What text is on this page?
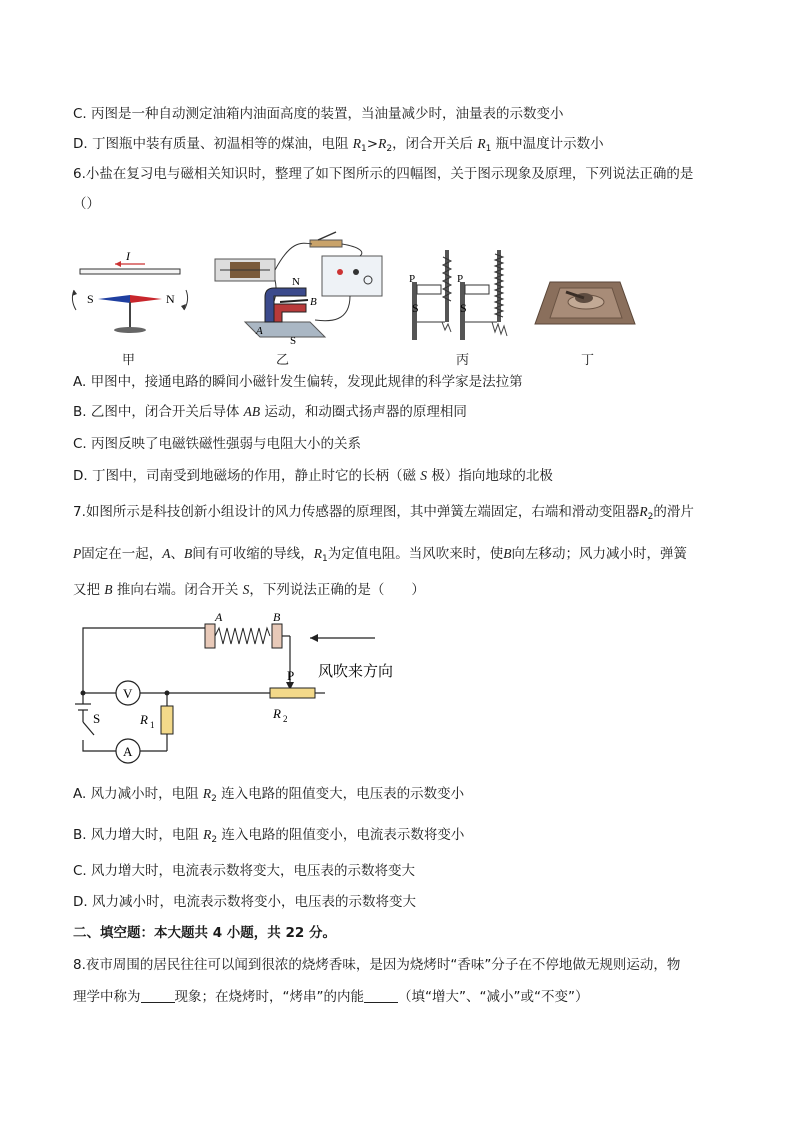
C. 丙图是一种自动测定油箱内油面高度的装置，当油量减少时，油量表的示数变小
D. 丁图瓶中装有质量、初温相等的煤油，电阻 $R_1>R_2$，闭合开关后 $R_1$ 瓶中温度计示数小
6.小盐在复习电与磁相关知识时，整理了如下图所示的四幅图，关于图示现象及原理，下列说法正确的是
（）
I
S	N
N
B
A
S
P
S
P
S
甲	乙	丙	丁
A. 甲图中，接通电路的瞬间小磁针发生偏转，发现此规律的科学家是法拉第
B. 乙图中，闭合开关后导体 AB 运动，和动圈式扬声器的原理相同
C. 丙图反映了电磁铁磁性强弱与电阻大小的关系
D. 丁图中，司南受到地磁场的作用，静止时它的长柄（磁 S 极）指向地球的北极
7.如图所示是科技创新小组设计的风力传感器的原理图，其中弹簧左端固定，右端和滑动变阻器$R_2$的滑片
P固定在一起，A、B间有可收缩的导线，$R_1$为定值电阻。当风吹来时，使B向左移动；风力减小时，弹簧
又把 B 推向右端。闭合开关 S，下列说法正确的是（　　）
V
A
A	B
P
S	R 1
R 2
风吹来方向
A. 风力减小时，电阻 $R_2$ 连入电路的阻值变大，电压表的示数变小
B. 风力增大时，电阻 $R_2$ 连入电路的阻值变小，电流表示数将变小
C. 风力增大时，电流表示数将变大，电压表的示数将变大
D. 风力减小时，电流表示数将变小，电压表的示数将变大
二、填空题：本大题共 4 小题，共 22 分。
8.夜市周围的居民往往可以闻到很浓的烧烤香味，是因为烧烤时“香味”分子在不停地做无规则运动，物
理学中称为	现象；在烧烤时，“烤串”的内能	（填“增大”、“减小”或“不变”）
